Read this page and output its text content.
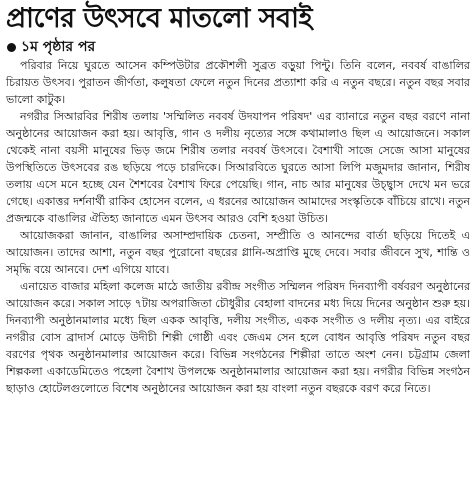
প্রাণের উৎসবে মাতলো সবাই
১ম পৃষ্ঠার পর

পরিবার নিয়ে ঘুরতে আসেন কম্পিউটার প্রকৌশলী সুব্রত বড়ুয়া পিন্টু। তিনি বলেন, নববর্ষ বাঙালির চিরায়ত উৎসব। পুরাতন জীর্ণতা, কলুষতা ফেলে নতুন দিনের প্রত্যাশা করি এ নতুন বছরে। নতুন বছর সবার ভালো কাটুক।

নগরীর সিআরবির শিরীষ তলায় 'সম্মিলিত নববর্ষ উদযাপন পরিষদ' এর ব্যানারে নতুন বছর বরণে নানা অনুষ্ঠানের আয়োজন করা হয়। আবৃত্তি, গান ও দলীয় নৃত্যের সঙ্গে কথামালাও ছিল এ আয়োজনে। সকাল থেকেই নানা বয়সী মানুষের ভিড় জমে শিরীষ তলার নববর্ষ উৎসবে। বৈশাখী সাজে সেজে আসা মানুষের উপস্থিতিতে উৎসবের রঙ ছড়িয়ে পড়ে চারদিকে। সিআরবিতে ঘুরতে আসা লিপি মজুমদার জানান, শিরীষ তলায় এসে মনে হচ্ছে যেন শৈশবের বৈশাখ ফিরে পেয়েছি। গান, নাচ আর মানুষের উচ্ছ্বাস দেখে মন ভরে গেছে। একাত্তর দর্শনার্থী রাকিব হোসেন বলেন, এ ধরনের আয়োজন আমাদের সংস্কৃতিকে বাঁচিয়ে রাখে। নতুন প্রজন্মকে বাঙালির ঐতিহ্য জানাতে এমন উৎসব আরও বেশি হওয়া উচিত।

আয়োজকরা জানান, বাঙালির অসাম্প্রদায়িক চেতনা, সম্প্রীতি ও আনন্দের বার্তা ছড়িয়ে দিতেই এ আয়োজন। তাদের আশা, নতুন বছর পুরোনো বছরের গ্লানি-অপ্রাপ্তি মুছে দেবে। সবার জীবনে সুখ, শান্তি ও সমৃদ্ধি বয়ে আনবে। দেশ এগিয়ে যাবে।

এনায়েত বাজার মহিলা কলেজ মাঠে জাতীয় রবীন্দ্র সংগীত সম্মিলন পরিষদ দিনব্যাপী বর্ষবরণ অনুষ্ঠানের আয়োজন করে। সকাল সাড়ে ৭টায় অপরাজিতা চৌধুরীর বেহালা বাদনের মধ্য দিয়ে দিনের অনুষ্ঠান শুরু হয়। দিনব্যাপী অনুষ্ঠানমালার মধ্যে ছিল একক আবৃত্তি, দলীয় সংগীত, একক সংগীত ও দলীয় নৃত্য। এর বাইরে নগরীর বোস ব্রাদার্স মোড়ে উদীচী শিল্পী গোষ্ঠী এবং জেএম সেন হলে বোধন আবৃত্তি পরিষদ নতুন বছর বরণের পৃথক অনুষ্ঠানমালার আয়োজন করে। বিভিন্ন সংগঠনের শিল্পীরা তাতে অংশ নেন। চট্টগ্রাম জেলা শিল্পকলা একাডেমিতেও পহেলা বৈশাখ উপলক্ষে অনুষ্ঠানমালার আয়োজন করা হয়। নগরীর বিভিন্ন সংগঠন ছাড়াও হোটেলগুলোতে বিশেষ অনুষ্ঠানের আয়োজন করা হয় বাংলা নতুন বছরকে বরণ করে নিতে।
